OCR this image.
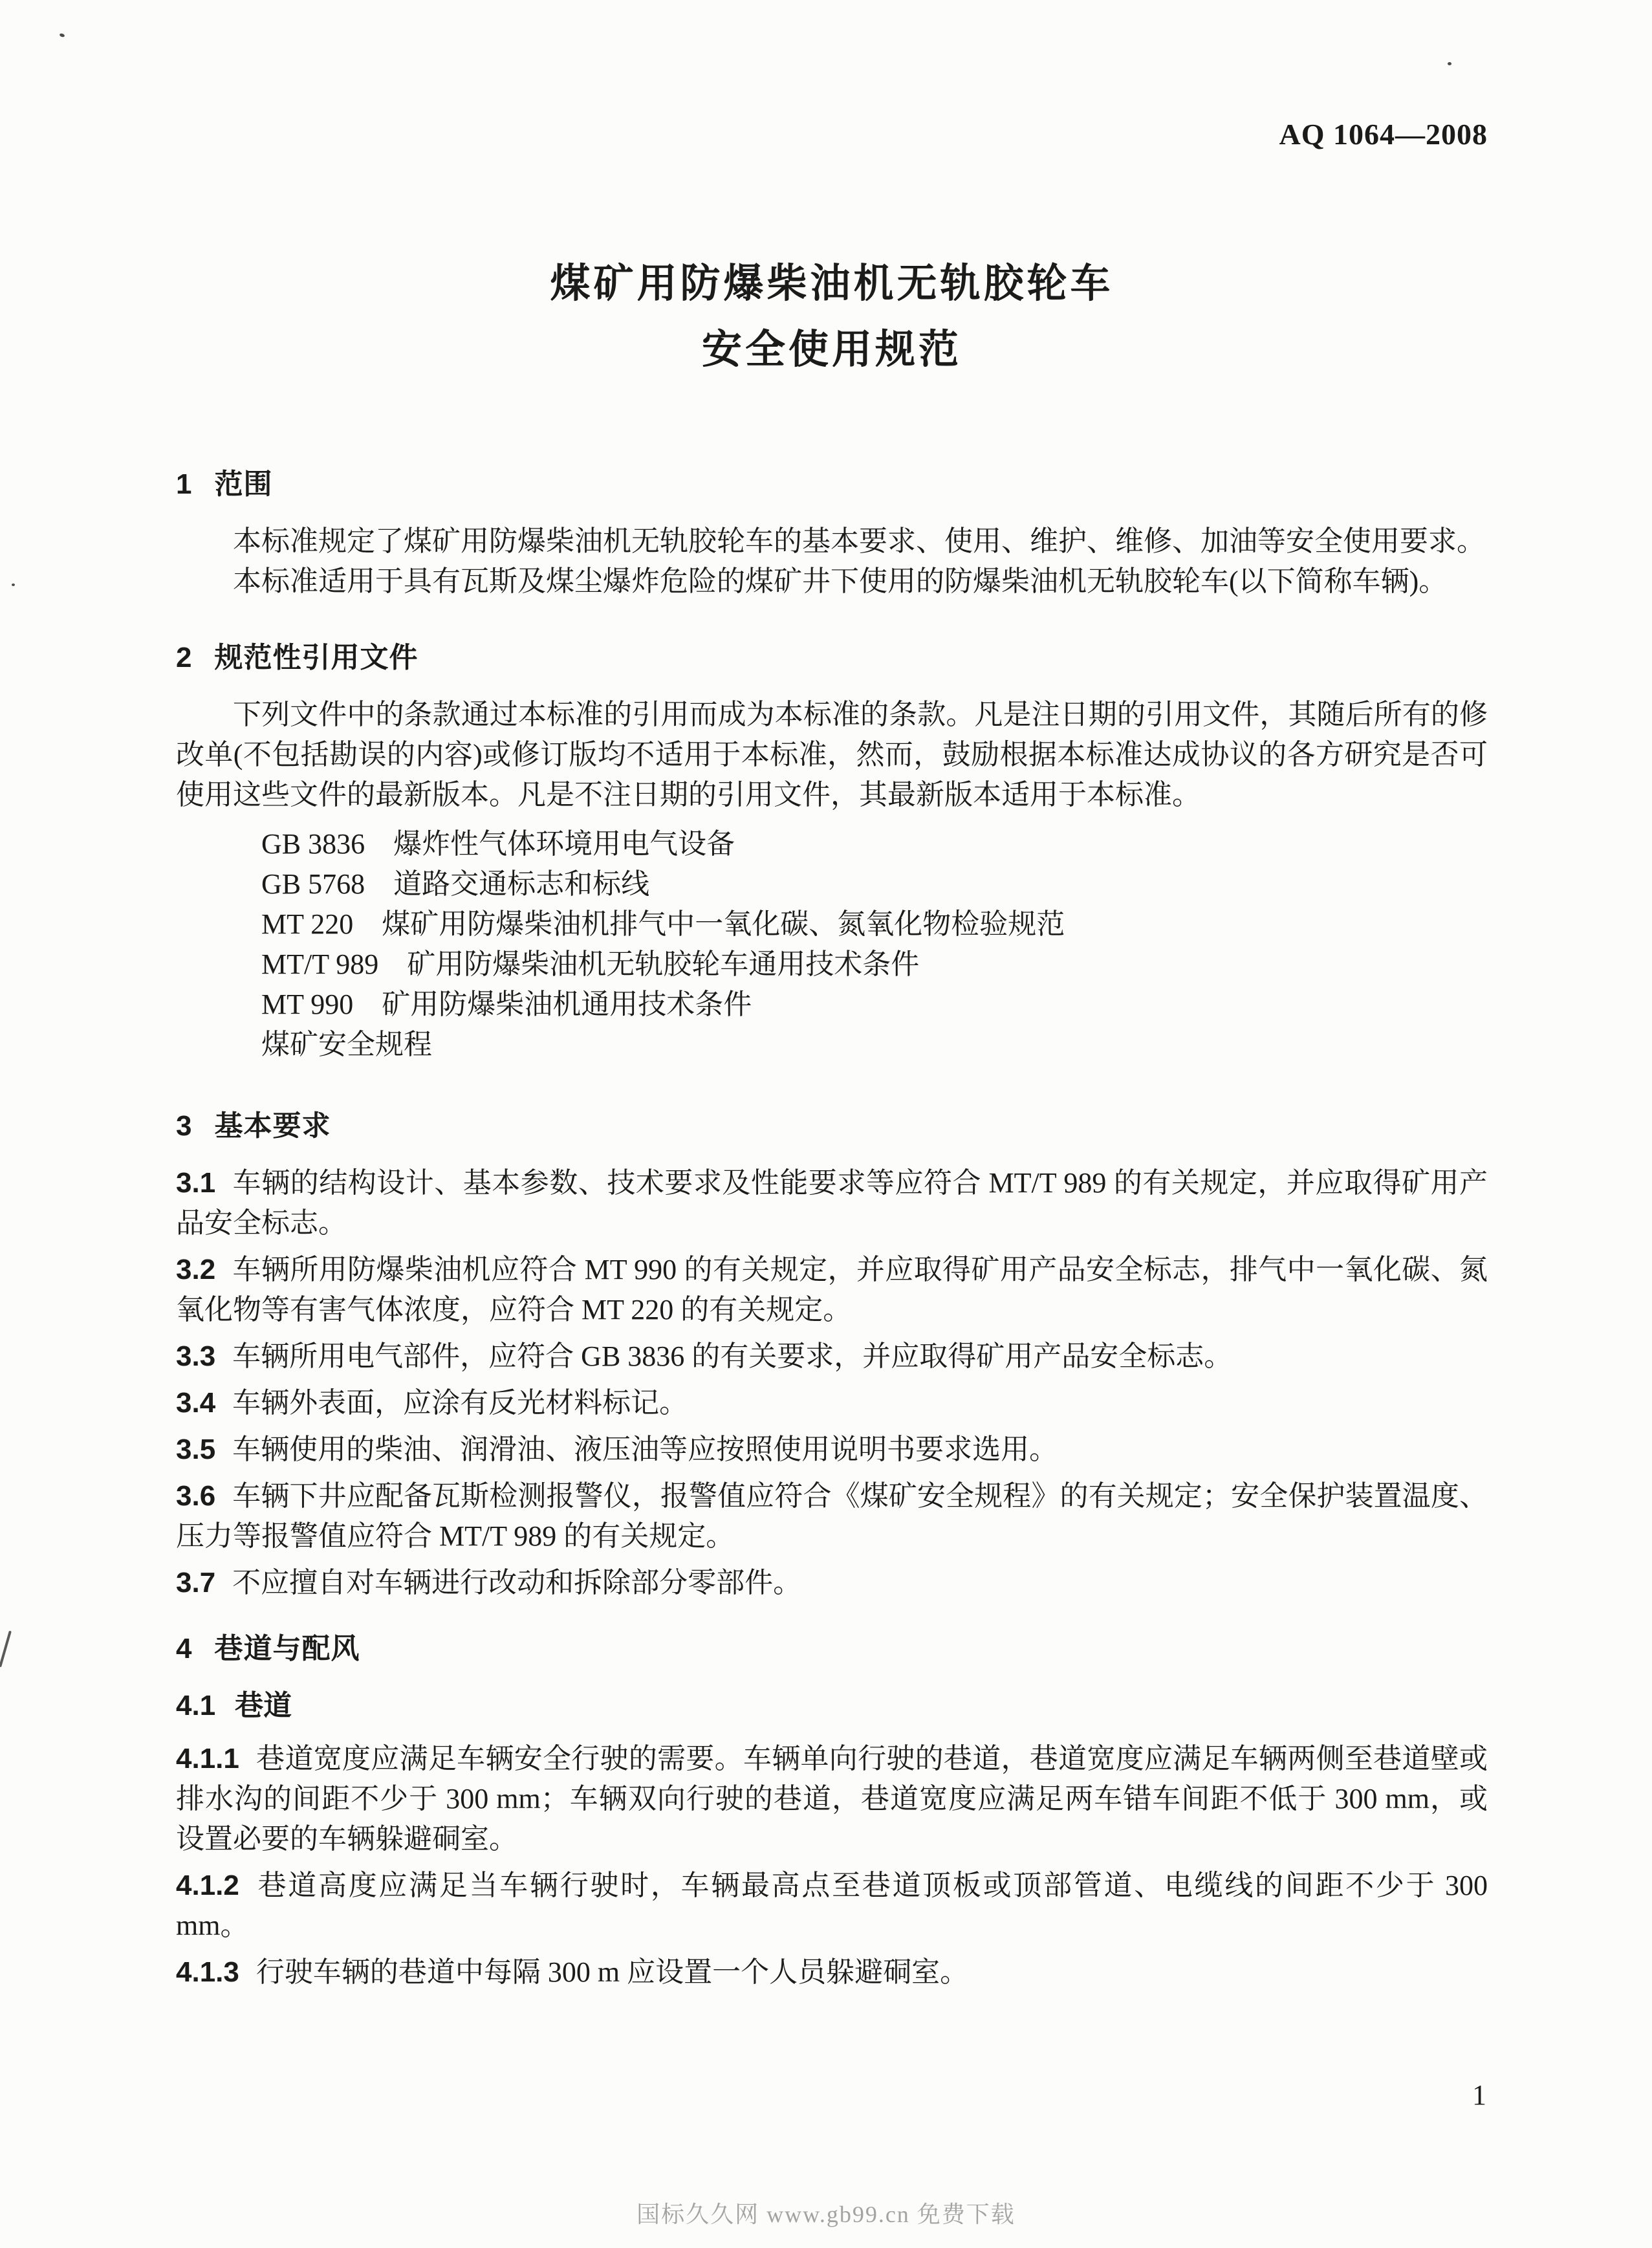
AQ 1064—2008
煤矿用防爆柴油机无轨胶轮车
安全使用规范
1 范围

本标准规定了煤矿用防爆柴油机无轨胶轮车的基本要求、使用、维护、维修、加油等安全使用要求。

本标准适用于具有瓦斯及煤尘爆炸危险的煤矿井下使用的防爆柴油机无轨胶轮车(以下简称车辆)。

2 规范性引用文件

下列文件中的条款通过本标准的引用而成为本标准的条款。凡是注日期的引用文件，其随后所有的修改单(不包括勘误的内容)或修订版均不适用于本标准，然而，鼓励根据本标准达成协议的各方研究是否可使用这些文件的最新版本。凡是不注日期的引用文件，其最新版本适用于本标准。

GB 3836　爆炸性气体环境用电气设备

GB 5768　道路交通标志和标线

MT 220　煤矿用防爆柴油机排气中一氧化碳、氮氧化物检验规范

MT/T 989　矿用防爆柴油机无轨胶轮车通用技术条件

MT 990　矿用防爆柴油机通用技术条件

煤矿安全规程

3 基本要求

3.1 车辆的结构设计、基本参数、技术要求及性能要求等应符合 MT/T 989 的有关规定，并应取得矿用产品安全标志。

3.2 车辆所用防爆柴油机应符合 MT 990 的有关规定，并应取得矿用产品安全标志，排气中一氧化碳、氮氧化物等有害气体浓度，应符合 MT 220 的有关规定。

3.3 车辆所用电气部件，应符合 GB 3836 的有关要求，并应取得矿用产品安全标志。

3.4 车辆外表面，应涂有反光材料标记。

3.5 车辆使用的柴油、润滑油、液压油等应按照使用说明书要求选用。

3.6 车辆下井应配备瓦斯检测报警仪，报警值应符合《煤矿安全规程》的有关规定；安全保护装置温度、压力等报警值应符合 MT/T 989 的有关规定。

3.7 不应擅自对车辆进行改动和拆除部分零部件。

4 巷道与配风
4.1 巷道

4.1.1 巷道宽度应满足车辆安全行驶的需要。车辆单向行驶的巷道，巷道宽度应满足车辆两侧至巷道壁或排水沟的间距不少于 300 mm；车辆双向行驶的巷道，巷道宽度应满足两车错车间距不低于 300 mm，或设置必要的车辆躲避硐室。

4.1.2 巷道高度应满足当车辆行驶时，车辆最高点至巷道顶板或顶部管道、电缆线的间距不少于 300 mm。

4.1.3 行驶车辆的巷道中每隔 300 m 应设置一个人员躲避硐室。

1
国标久久网 www.gb99.cn 免费下载
